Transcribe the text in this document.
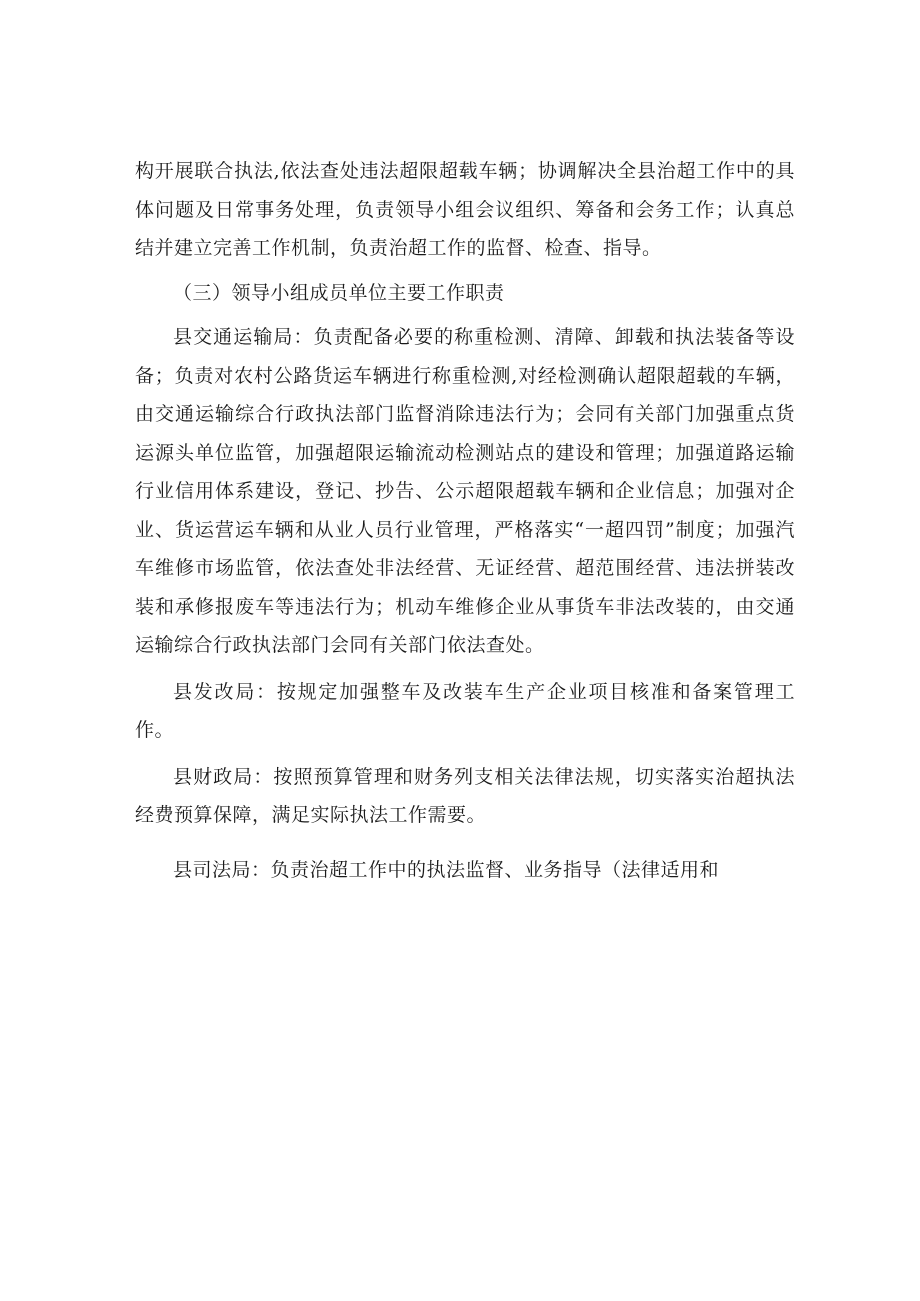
构开展联合执法,依法查处违法超限超载车辆；协调解决全县治超工作中的具体问题及日常事务处理，负责领导小组会议组织、筹备和会务工作；认真总结并建立完善工作机制，负责治超工作的监督、检查、指导。

（三）领导小组成员单位主要工作职责

县交通运输局：负责配备必要的称重检测、清障、卸载和执法装备等设备；负责对农村公路货运车辆进行称重检测,对经检测确认超限超载的车辆，由交通运输综合行政执法部门监督消除违法行为；会同有关部门加强重点货运源头单位监管，加强超限运输流动检测站点的建设和管理；加强道路运输行业信用体系建设，登记、抄告、公示超限超载车辆和企业信息；加强对企业、货运营运车辆和从业人员行业管理，严格落实“一超四罚”制度；加强汽车维修市场监管，依法查处非法经营、无证经营、超范围经营、违法拼装改装和承修报废车等违法行为；机动车维修企业从事货车非法改装的，由交通运输综合行政执法部门会同有关部门依法查处。

县发改局：按规定加强整车及改装车生产企业项目核准和备案管理工作。

县财政局：按照预算管理和财务列支相关法律法规，切实落实治超执法经费预算保障，满足实际执法工作需要。

县司法局：负责治超工作中的执法监督、业务指导（法律适用和
